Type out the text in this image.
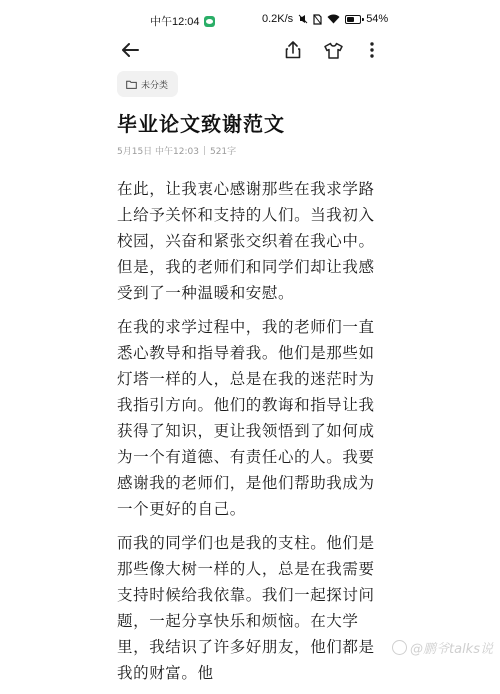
中午12:04	0.2K/s	54%
未分类
毕业论文致谢范文
5月15日 中午12:03 521字

在此，让我衷心感谢那些在我求学路上给予关怀和支持的人们。当我初入校园，兴奋和紧张交织着在我心中。但是，我的老师们和同学们却让我感受到了一种温暖和安慰。

在我的求学过程中，我的老师们一直悉心教导和指导着我。他们是那些如灯塔一样的人，总是在我的迷茫时为我指引方向。他们的教诲和指导让我获得了知识，更让我领悟到了如何成为一个有道德、有责任心的人。我要感谢我的老师们，是他们帮助我成为一个更好的自己。

而我的同学们也是我的支柱。他们是那些像大树一样的人，总是在我需要支持时候给我依靠。我们一起探讨问题，一起分享快乐和烦恼。在大学里，我结识了许多好朋友，他们都是我的财富。他

@鹏爷talks说
